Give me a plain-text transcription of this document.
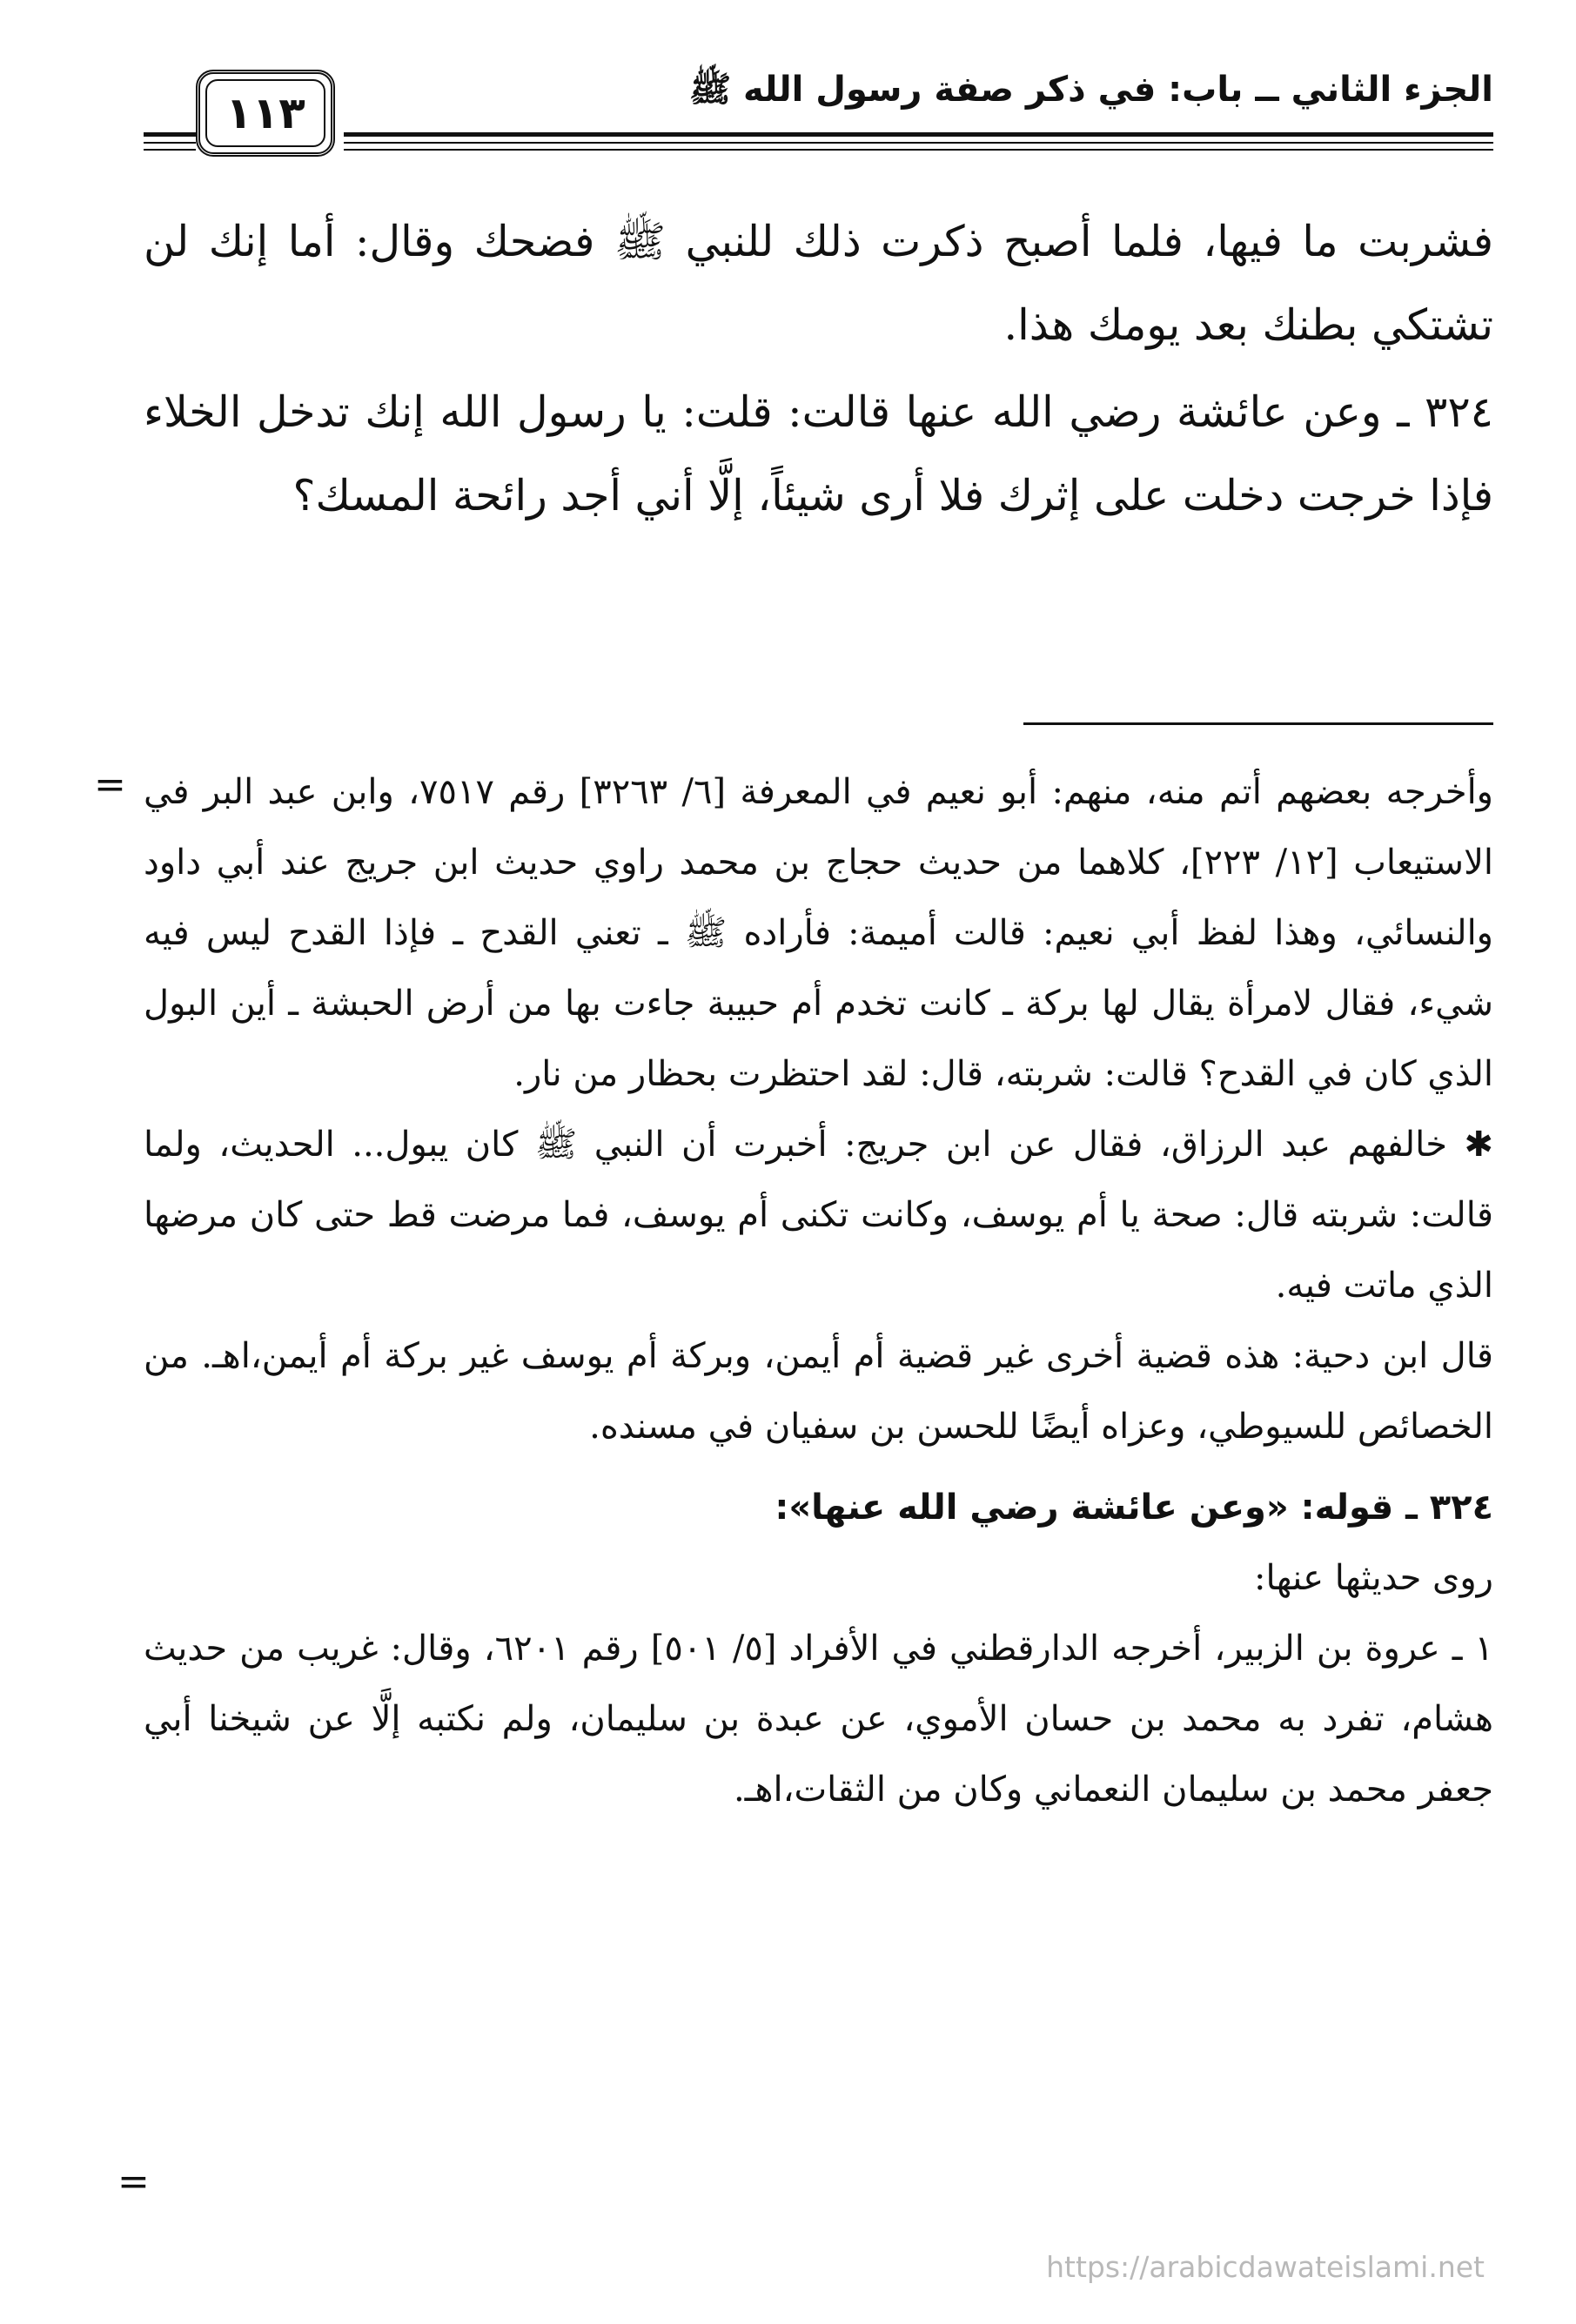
الجزء الثاني ــ باب: في ذكر صفة رسول الله ﷺ
١١٣

فشربت ما فيها، فلما أصبح ذكرت ذلك للنبي ﷺ فضحك وقال: أما إنك لن تشتكي بطنك بعد يومك هذا.

٣٢٤ ـ وعن عائشة رضي الله عنها قالت: قلت: يا رسول الله إنك تدخل الخلاء فإذا خرجت دخلت على إثرك فلا أرى شيئاً، إلَّا أني أجد رائحة المسك؟

= وأخرجه بعضهم أتم منه، منهم: أبو نعيم في المعرفة [٦/ ٣٢٦٣] رقم ٧٥١٧، وابن عبد البر في الاستيعاب [١٢/ ٢٢٣]، كلاهما من حديث حجاج بن محمد راوي حديث ابن جريج عند أبي داود والنسائي، وهذا لفظ أبي نعيم: قالت أميمة: فأراده ﷺ ـ تعني القدح ـ فإذا القدح ليس فيه شيء، فقال لامرأة يقال لها بركة ـ كانت تخدم أم حبيبة جاءت بها من أرض الحبشة ـ أين البول الذي كان في القدح؟ قالت: شربته، قال: لقد احتظرت بحظار من نار.

✱ خالفهم عبد الرزاق، فقال عن ابن جريج: أخبرت أن النبي ﷺ كان يبول... الحديث، ولما قالت: شربته قال: صحة يا أم يوسف، وكانت تكنى أم يوسف، فما مرضت قط حتى كان مرضها الذي ماتت فيه.

قال ابن دحية: هذه قضية أخرى غير قضية أم أيمن، وبركة أم يوسف غير بركة أم أيمن،اهـ. من الخصائص للسيوطي، وعزاه أيضًا للحسن بن سفيان في مسنده.

٣٢٤ ـ قوله: «وعن عائشة رضي الله عنها»:

روى حديثها عنها:

١ ـ عروة بن الزبير، أخرجه الدارقطني في الأفراد [٥/ ٥٠١] رقم ٦٢٠١، وقال: غريب من حديث هشام، تفرد به محمد بن حسان الأموي، عن عبدة بن سليمان، ولم نكتبه إلَّا عن شيخنا أبي جعفر محمد بن سليمان النعماني وكان من الثقات،اهـ.

=
https://arabicdawateislami.net
